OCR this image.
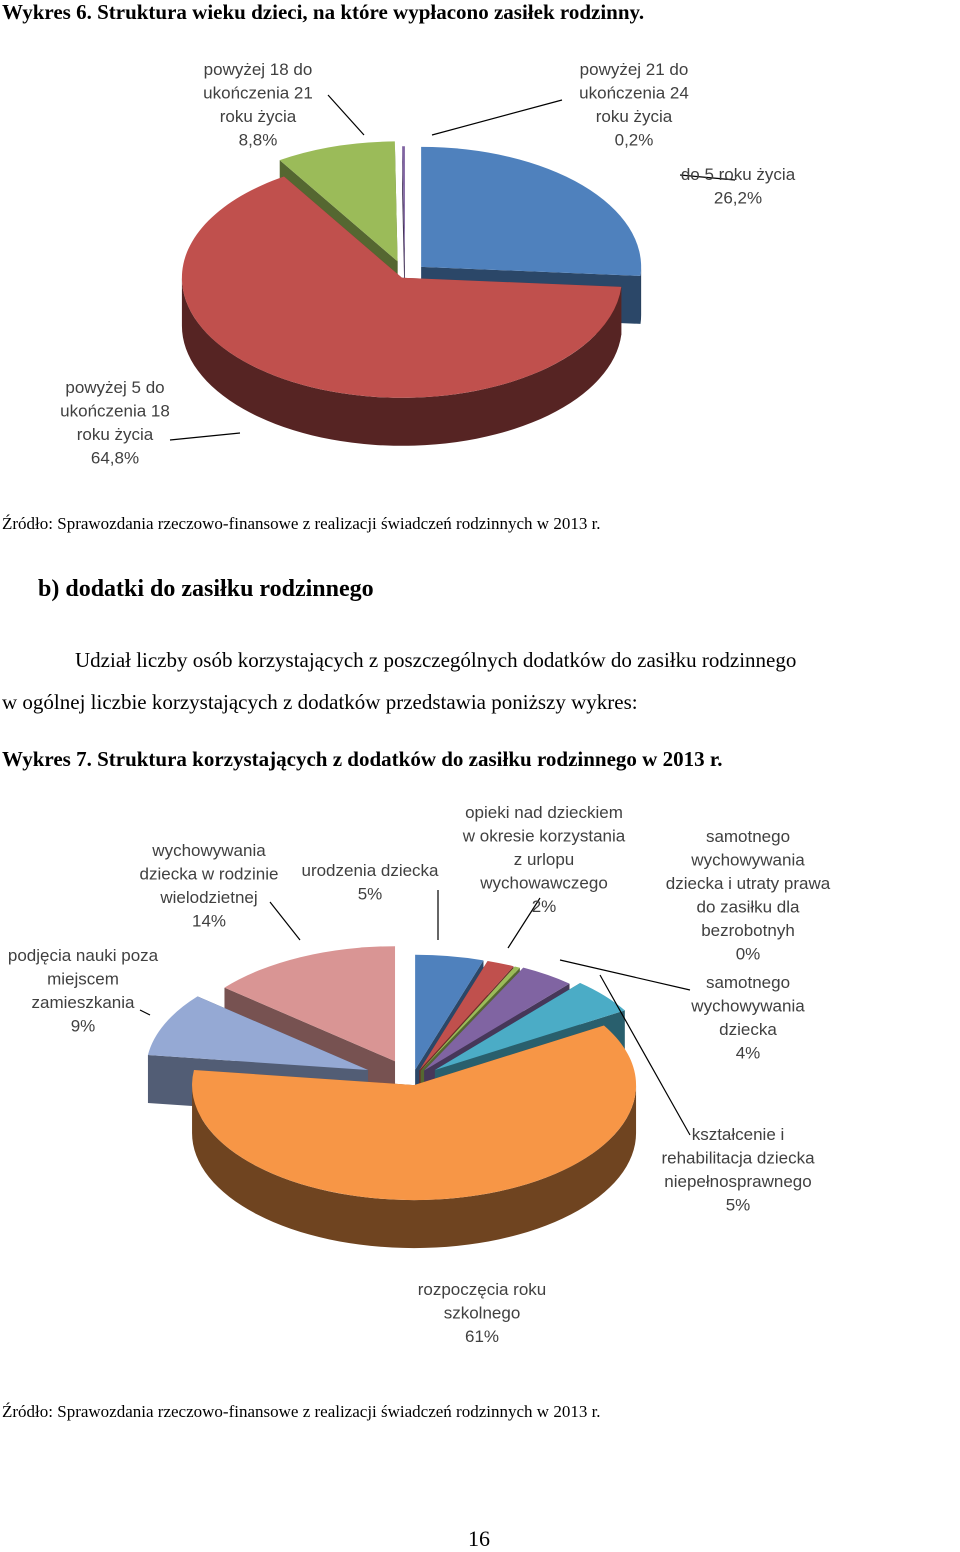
Wykres 6. Struktura wieku dzieci, na które wypłacono zasiłek rodzinny.
do 5 roku życia 26,2%
powyżej 5 do ukończenia 18 roku życia 64,8%
powyżej 18 do ukończenia 21 roku życia 8,8%
powyżej 21 do ukończenia 24 roku życia 0,2%
Źródło: Sprawozdania rzeczowo-finansowe z realizacji świadczeń rodzinnych w 2013 r.
b) dodatki do zasiłku rodzinnego
Udział liczby osób korzystających z poszczególnych dodatków do zasiłku rodzinnego
w ogólnej liczbie korzystających z dodatków przedstawia poniższy wykres:
Wykres 7. Struktura korzystających z dodatków do zasiłku rodzinnego w 2013 r.
urodzenia dziecka 5%
opieki nad dzieckiem w okresie korzystania z urlopu wychowawczego 2%
samotnego wychowywania dziecka i utraty prawa do zasiłku dla bezrobotnyh 0%
samotnego wychowywania dziecka 4%
kształcenie i rehabilitacja dziecka niepełnosprawnego 5%
rozpoczęcia roku szkolnego 61%
podjęcia nauki poza miejscem zamieszkania 9%
wychowywania dziecka w rodzinie wielodzietnej 14%
Źródło: Sprawozdania rzeczowo-finansowe z realizacji świadczeń rodzinnych w 2013 r.
16
